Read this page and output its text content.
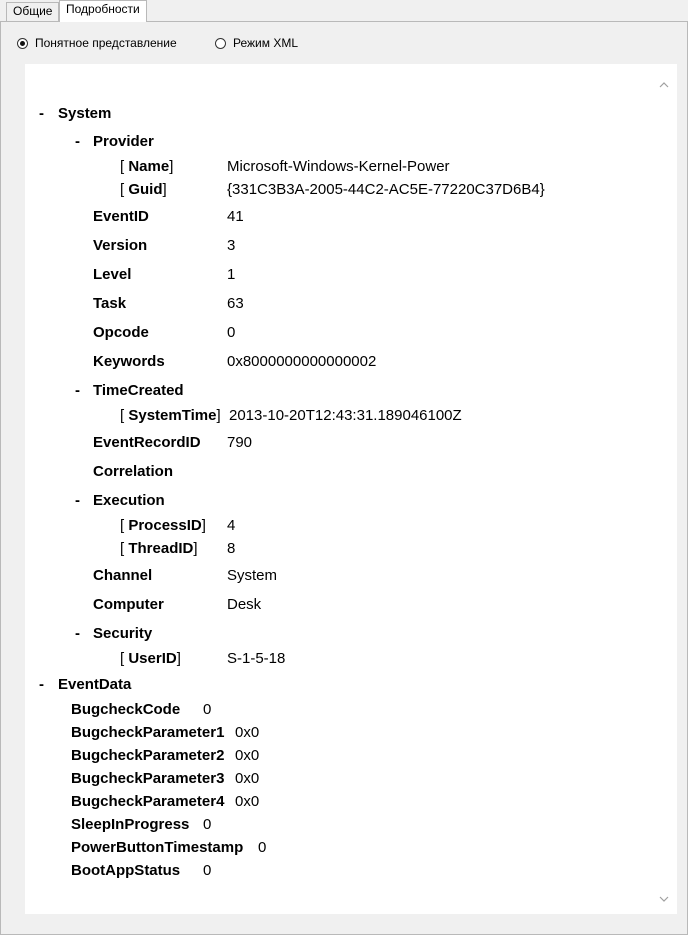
Общие	Подробности
Понятное представление	Режим XML
- System
- Provider
[ Name]	Microsoft-Windows-Kernel-Power
[ Guid]	{331C3B3A-2005-44C2-AC5E-77220C37D6B4}
EventID	41
Version	3
Level	1
Task	63
Opcode	0
Keywords	0x8000000000000002
- TimeCreated
[ SystemTime] 2013-10-20T12:43:31.189046100Z
EventRecordID 790
Correlation
- Execution
[ ProcessID] 4
[ ThreadID] 8
Channel	System
Computer	Desk
- Security
[ UserID]	S-1-5-18
- EventData
BugcheckCode 0
BugcheckParameter1 0x0
BugcheckParameter2 0x0
BugcheckParameter3 0x0
BugcheckParameter4 0x0
SleepInProgress 0
PowerButtonTimestamp 0
BootAppStatus 0
